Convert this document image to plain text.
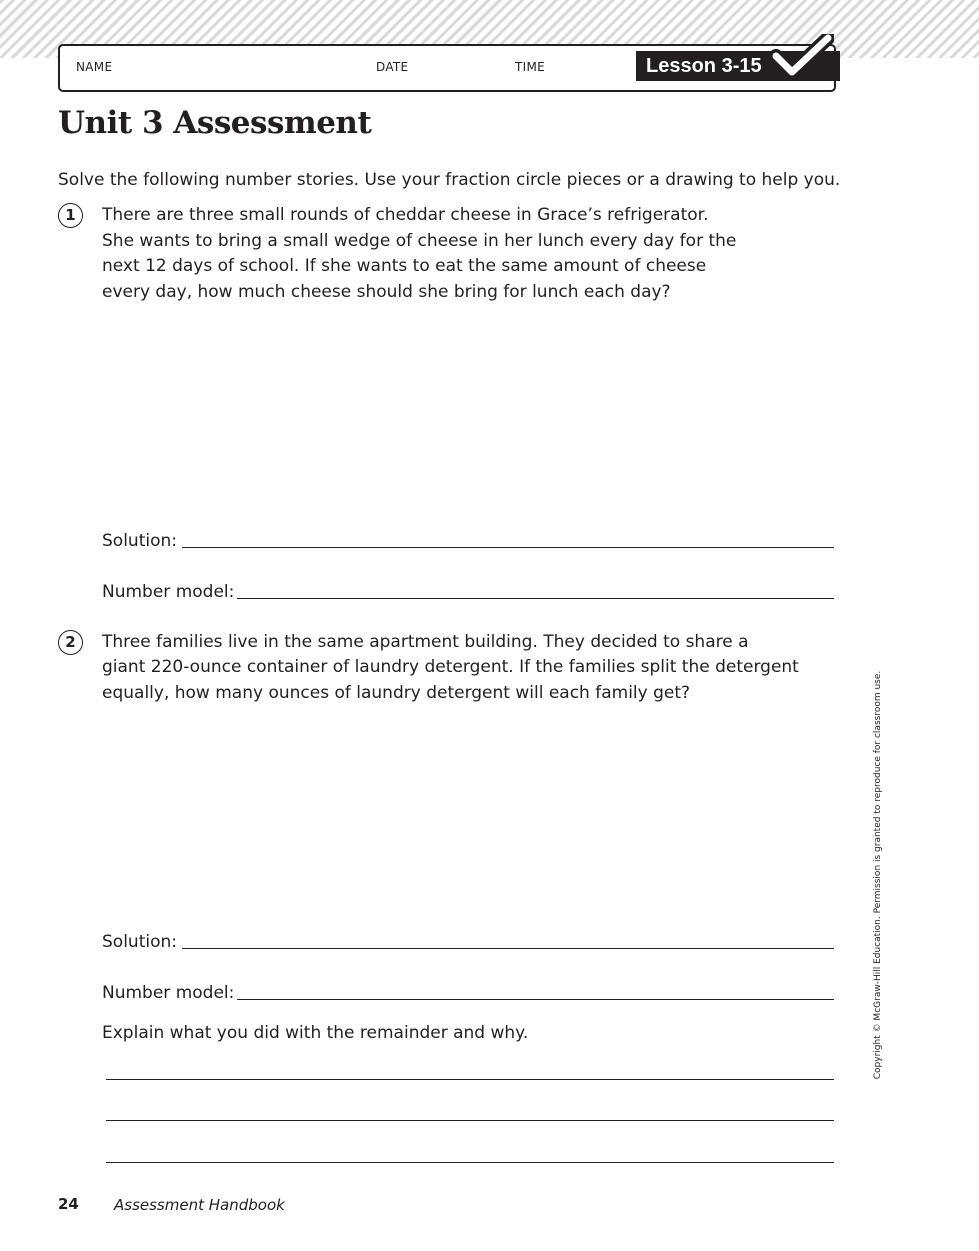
NAME	DATE	TIME	Lesson 3-15
Unit 3 Assessment
Solve the following number stories. Use your fraction circle pieces or a drawing to help you.
1	There are three small rounds of cheddar cheese in Grace’s refrigerator.
She wants to bring a small wedge of cheese in her lunch every day for the
next 12 days of school. If she wants to eat the same amount of cheese
every day, how much cheese should she bring for lunch each day?
Solution:
Number model:
2	Three families live in the same apartment building. They decided to share a
giant 220-ounce container of laundry detergent. If the families split the detergent
equally, how many ounces of laundry detergent will each family get?
Solution:
Number model:
Explain what you did with the remainder and why.
24 Assessment Handbook
Copyright © McGraw-Hill Education. Permission is granted to reproduce for classroom use.
